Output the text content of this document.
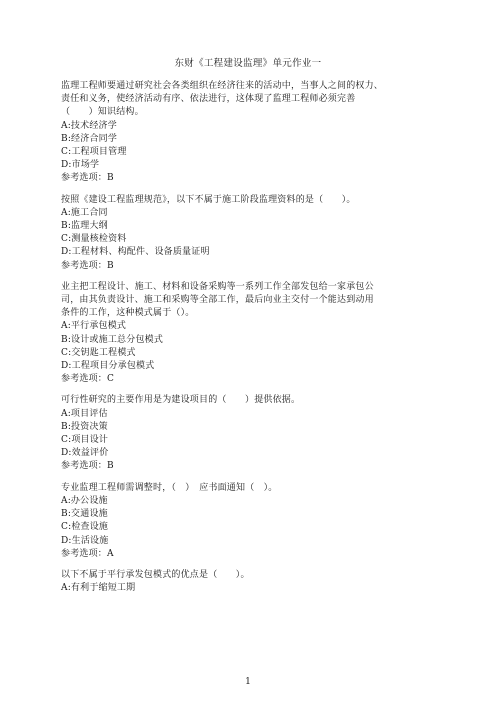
东财《工程建设监理》单元作业一
监理工程师要通过研究社会各类组织在经济往来的活动中，当事人之间的权力、
责任和义务，使经济活动有序、依法进行，这体现了监理工程师必须完善
（　　）知识结构。
A:技术经济学
B:经济合同学
C:工程项目管理
D:市场学
参考选项：B
按照《建设工程监理规范》，以下不属于施工阶段监理资料的是（　　）。
A:施工合同
B:监理大纲
C:测量核检资料
D:工程材料、构配件、设备质量证明
参考选项：B
业主把工程设计、施工、材料和设备采购等一系列工作全部发包给一家承包公
司，由其负责设计、施工和采购等全部工作，最后向业主交付一个能达到动用
条件的工作，这种模式属于（）。
A:平行承包模式
B:设计或施工总分包模式
C:交钥匙工程模式
D:工程项目分承包模式
参考选项：C
可行性研究的主要作用是为建设项目的（　　）提供依据。
A:项目评估
B:投资决策
C:项目设计
D:效益评价
参考选项：B
专业监理工程师需调整时，（　）　应书面通知（　）。
A:办公设施
B:交通设施
C:检查设施
D:生活设施
参考选项：A
以下不属于平行承发包模式的优点是（　　）。
A:有利于缩短工期
1
